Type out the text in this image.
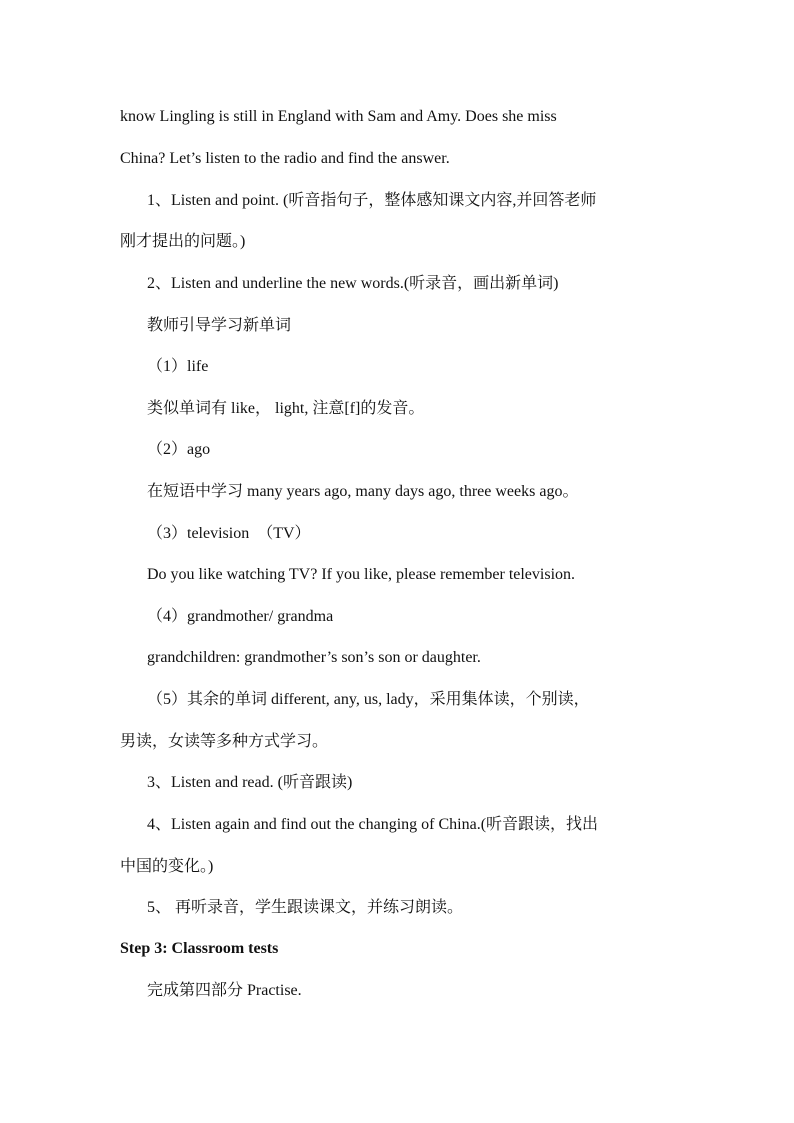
know Lingling is still in England with Sam and Amy. Does she miss
China? Let’s listen to the radio and find the answer.
1、Listen and point. (听音指句子，整体感知课文内容,并回答老师
刚才提出的问题。)
2、Listen and underline the new words.(听录音，画出新单词)
教师引导学习新单词
（1）life
类似单词有 like， light, 注意[f]的发音。
（2）ago
在短语中学习 many years ago, many days ago, three weeks ago。
（3）television　（TV）
Do you like watching TV? If you like, please remember television.
（4）grandmother/ grandma
grandchildren: grandmother’s son’s son or daughter.
（5）其余的单词 different, any, us, lady，采用集体读，个别读，
男读，女读等多种方式学习。
3、Listen and read. (听音跟读)
4、Listen again and find out the changing of China.(听音跟读，找出
中国的变化。)
5、 再听录音，学生跟读课文，并练习朗读。
Step 3: Classroom tests
完成第四部分 Practise.
